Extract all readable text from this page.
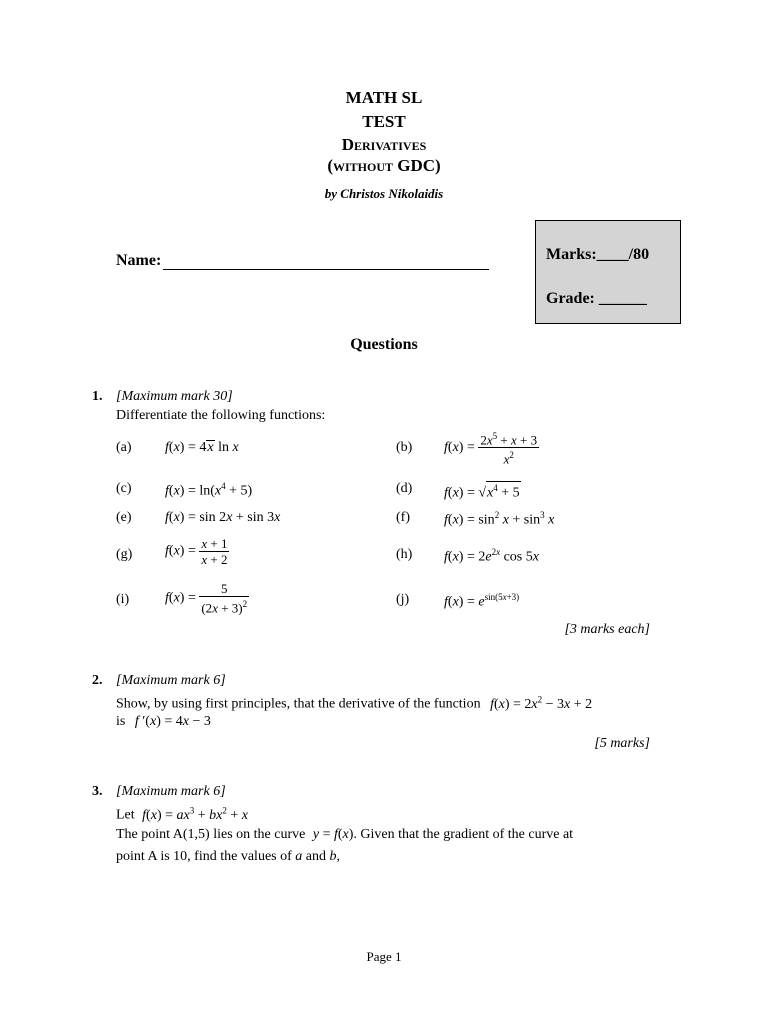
MATH SL
TEST
Derivatives
(without GDC)
by Christos Nikolaidis
Name:	Marks:____/80
Grade: ______
Questions
1. [Maximum mark 30]
Differentiate the following functions:
(a) f(x) = 4x ln x	(b) $f(x) = \frac{2x^5 + x + 3}{x^2}$
(c) $f(x) = \ln(x^4 + 5)$	(d) $f(x) = √x^4 + 5$
(e) f(x) = sin 2x + sin 3x	(f) $f(x) = \sin^2 x + \sin^3 x$
(g) $f(x) = \frac{x + 1}{x + 2}$	(h) $f(x) = 2e^{2x}$ cos 5x
(i)	$f(x) = \frac{5}{(2x + 3)^2}$	(j) $f(x) = e^{sin(5x+3)}$
[3 marks each]
2. [Maximum mark 6]
Show, by using first principles, that the derivative of the function $f(x) = 2x^2 - 3x + 2$
is f ′(x) = 4x − 3
[5 marks]
3. [Maximum mark 6]
Let $f(x) = ax^3 + bx^2 + x$
The point A(1,5) lies on the curve y = f(x). Given that the gradient of the curve at
point A is 10, find the values of a and b,
Page 1
